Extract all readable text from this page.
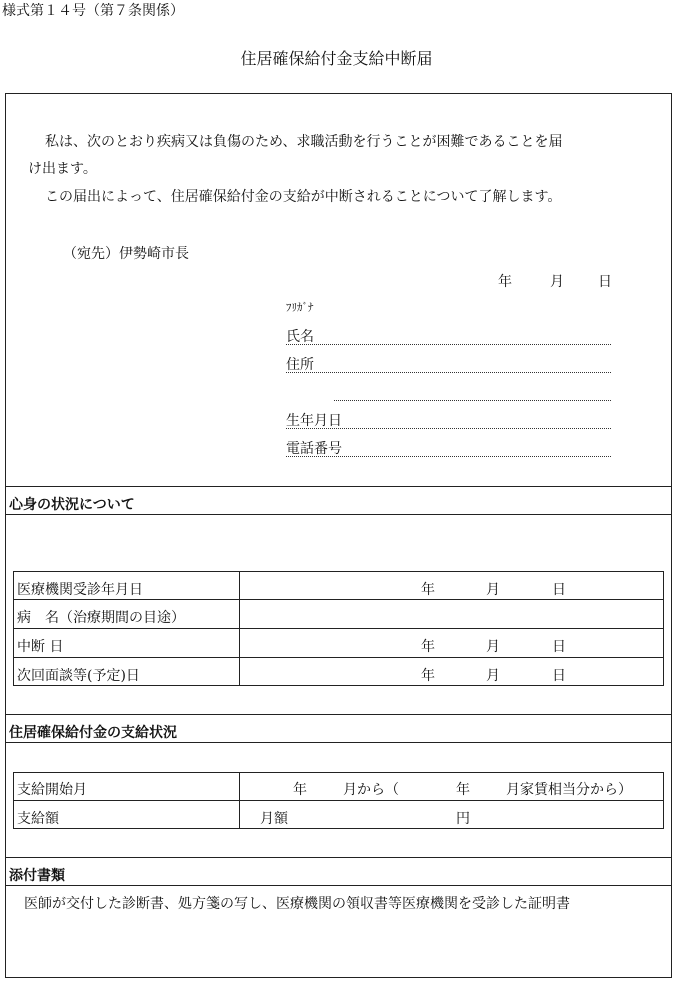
様式第１４号（第７条関係）
住居確保給付金支給中断届
私は、次のとおり疾病又は負傷のため、求職活動を行うことが困難であることを届
け出ます。
この届出によって、住居確保給付金の支給が中断されることについて了解します。
（宛先）伊勢崎市長
年	月 日
ﾌﾘｶﾞﾅ
氏名
住所
生年月日
電話番号
心身の状況について
医療機関受診年月日	年	月	日
病　名（治療期間の目途）
中断 日	年	月	日
次回面談等(予定)日	年	月	日
住居確保給付金の支給状況
支給開始月	年	月から（	年	月家賃相当分から）
支給額	月額	円
添付書類
医師が交付した診断書、処方箋の写し、医療機関の領収書等医療機関を受診した証明書
